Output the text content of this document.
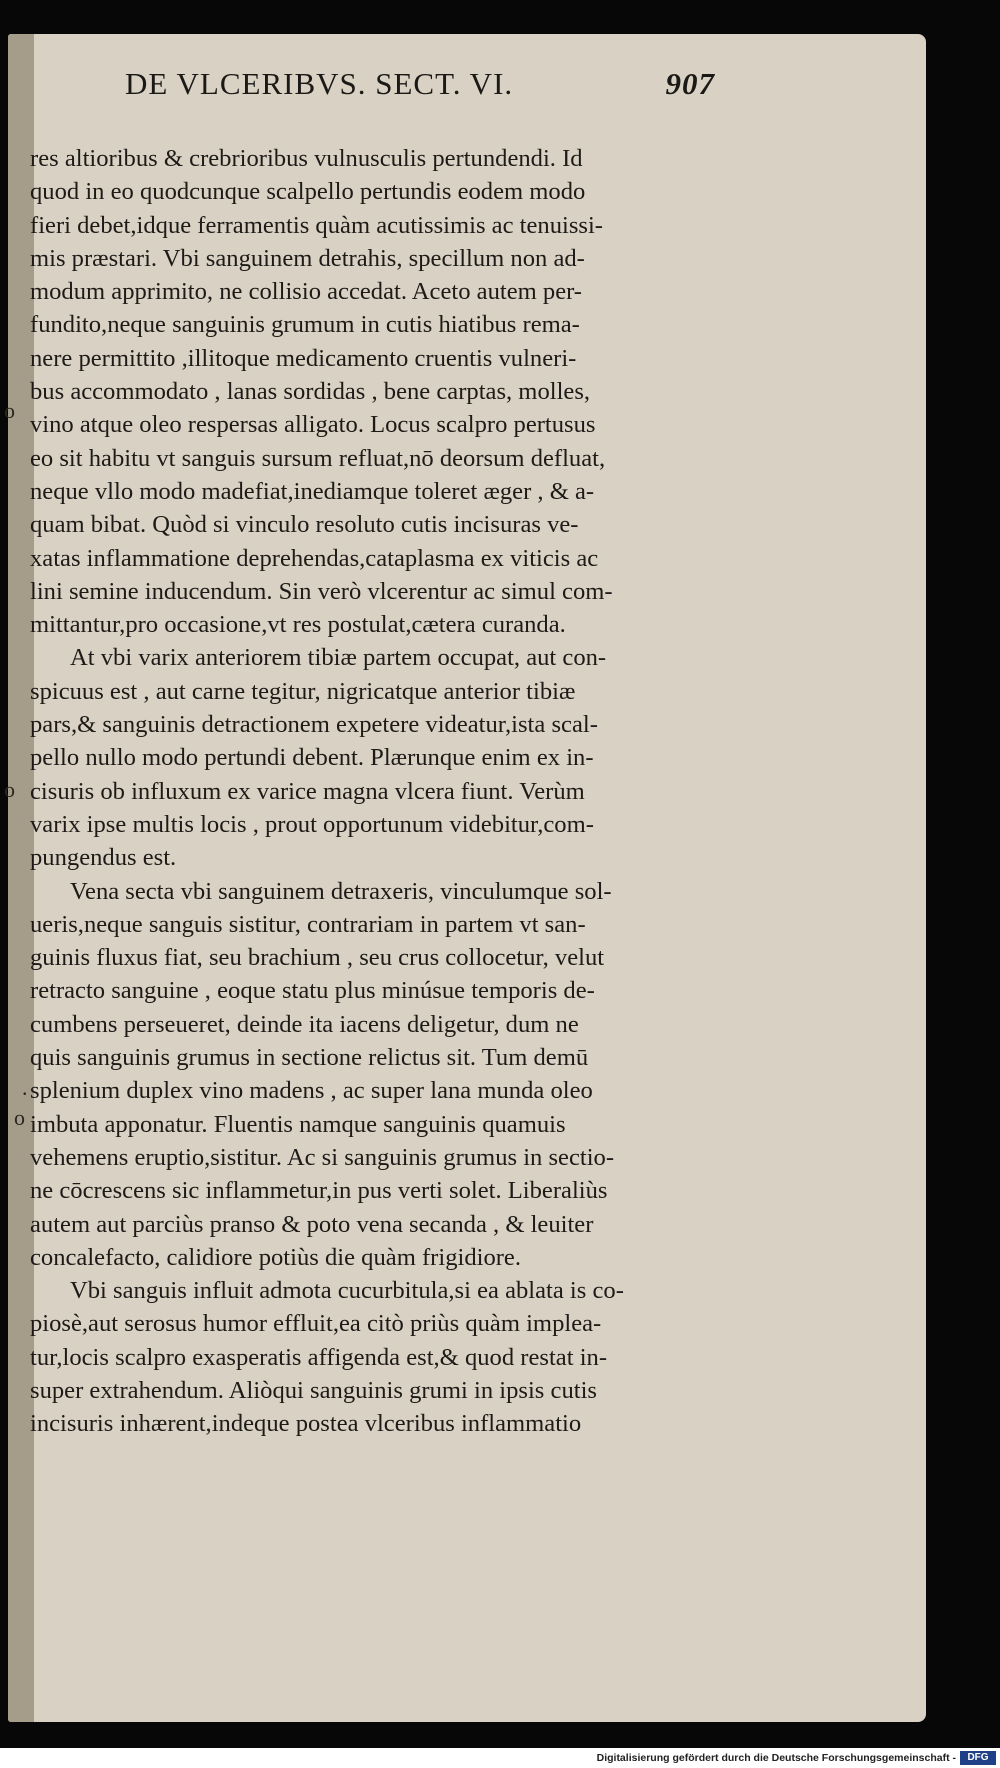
DE VLCERIBVS. SECT. VI.	907
o
o
.
o
res altioribus & crebrioribus vulnusculis pertundendi. Id
quod in eo quodcunque scalpello pertundis eodem modo
fieri debet,idque ferramentis quàm acutissimis ac tenuissi-
mis præstari. Vbi sanguinem detrahis, specillum non ad-
modum apprimito, ne collisio accedat. Aceto autem per-
fundito,neque sanguinis grumum in cutis hiatibus rema-
nere permittito ,illitoque medicamento cruentis vulneri-
bus accommodato , lanas sordidas , bene carptas, molles,
vino atque oleo respersas alligato. Locus scalpro pertusus
eo sit habitu vt sanguis sursum refluat,nō deorsum defluat,
neque vllo modo madefiat,inediamque toleret æger , & a-
quam bibat. Quòd si vinculo resoluto cutis incisuras ve-
xatas inflammatione deprehendas,cataplasma ex viticis ac
lini semine inducendum. Sin verò vlcerentur ac simul com-
mittantur,pro occasione,vt res postulat,cætera curanda.
At vbi varix anteriorem tibiæ partem occupat, aut con-
spicuus est , aut carne tegitur, nigricatque anterior tibiæ
pars,& sanguinis detractionem expetere videatur,ista scal-
pello nullo modo pertundi debent. Plærunque enim ex in-
cisuris ob influxum ex varice magna vlcera fiunt. Verùm
varix ipse multis locis , prout opportunum videbitur,com-
pungendus est.
Vena secta vbi sanguinem detraxeris, vinculumque sol-
ueris,neque sanguis sistitur, contrariam in partem vt san-
guinis fluxus fiat, seu brachium , seu crus collocetur, velut
retracto sanguine , eoque statu plus minúsue temporis de-
cumbens perseueret, deinde ita iacens deligetur, dum ne
quis sanguinis grumus in sectione relictus sit. Tum demū
splenium duplex vino madens , ac super lana munda oleo
imbuta apponatur. Fluentis namque sanguinis quamuis
vehemens eruptio,sistitur. Ac si sanguinis grumus in sectio-
ne cōcrescens sic inflammetur,in pus verti solet. Liberaliùs
autem aut parciùs pranso & poto vena secanda , & leuiter
concalefacto, calidiore potiùs die quàm frigidiore.
Vbi sanguis influit admota cucurbitula,si ea ablata is co-
piosè,aut serosus humor effluit,ea citò priùs quàm implea-
tur,locis scalpro exasperatis affigenda est,& quod restat in-
super extrahendum. Aliòqui sanguinis grumi in ipsis cutis
incisuris inhærent,indeque postea vlceribus inflammatio
Digitalisierung gefördert durch die Deutsche Forschungsgemeinschaft -	DFG
